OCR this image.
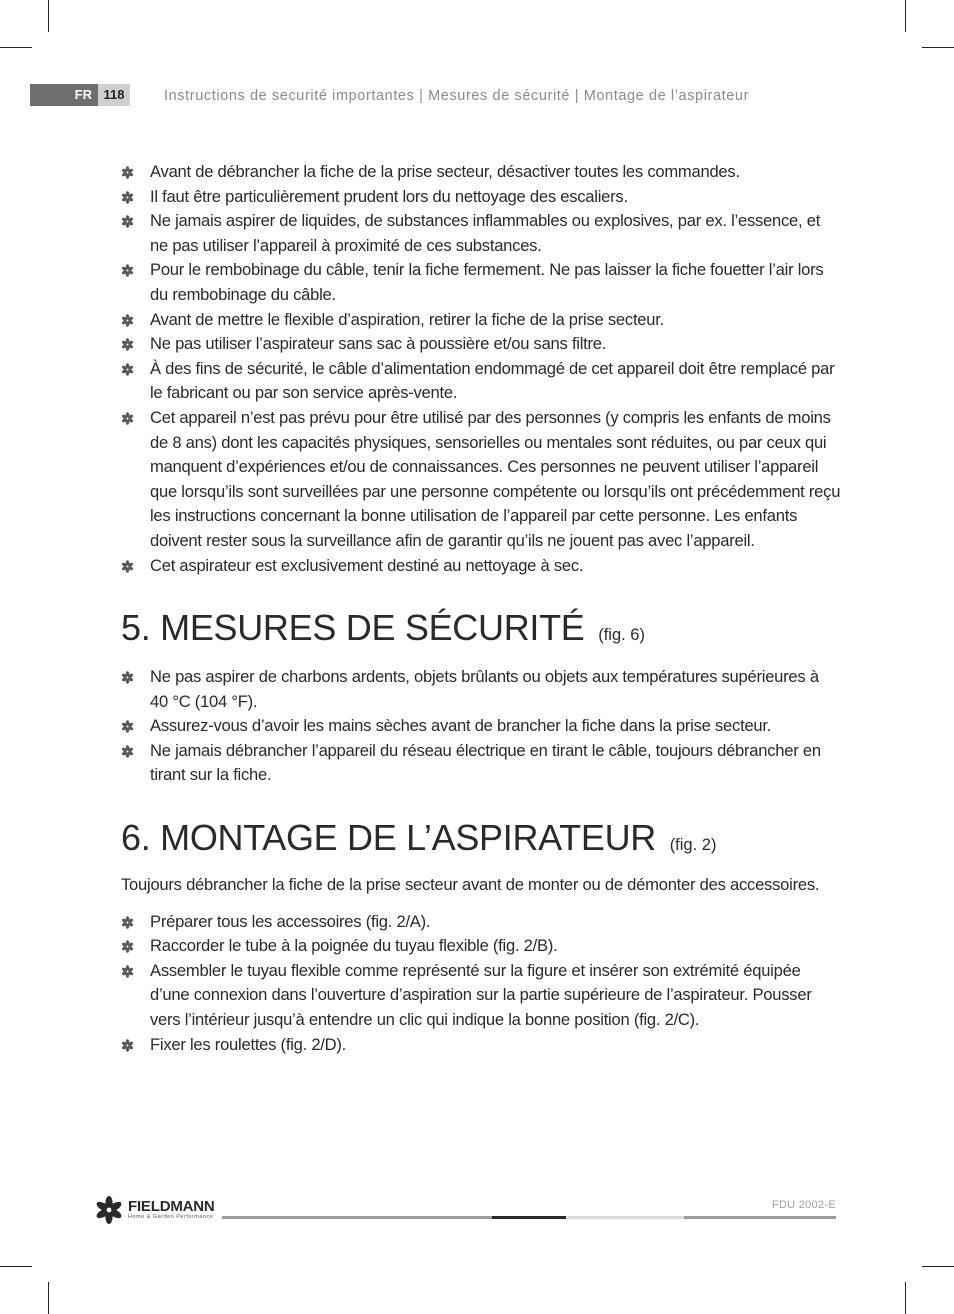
FR 118	Instructions de securité importantes | Mesures de sécurité | Montage de l’aspirateur
Avant de débrancher la fiche de la prise secteur, désactiver toutes les commandes.
Il faut être particulièrement prudent lors du nettoyage des escaliers.
Ne jamais aspirer de liquides, de substances inflammables ou explosives, par ex. l’essence, et ne pas utiliser l’appareil à proximité de ces substances.
Pour le rembobinage du câble, tenir la fiche fermement. Ne pas laisser la fiche fouetter l’air lors du rembobinage du câble.
Avant de mettre le flexible d’aspiration, retirer la fiche de la prise secteur.
Ne pas utiliser l’aspirateur sans sac à poussière et/ou sans filtre.
À des fins de sécurité, le câble d’alimentation endommagé de cet appareil doit être remplacé par le fabricant ou par son service après-vente.
Cet appareil n’est pas prévu pour être utilisé par des personnes (y compris les enfants de moins de 8 ans) dont les capacités physiques, sensorielles ou mentales sont réduites, ou par ceux qui manquent d’expériences et/ou de connaissances. Ces personnes ne peuvent utiliser l’appareil que lorsqu’ils sont surveillées par une personne compétente ou lorsqu’ils ont précédemment reçu les instructions concernant la bonne utilisation de l’appareil par cette personne. Les enfants doivent rester sous la surveillance afin de garantir qu’ils ne jouent pas avec l’appareil.
Cet aspirateur est exclusivement destiné au nettoyage à sec.
5. MESURES DE SÉCURITÉ (fig. 6)
Ne pas aspirer de charbons ardents, objets brûlants ou objets aux températures supérieures à 40 °C (104 °F).
Assurez-vous d’avoir les mains sèches avant de brancher la fiche dans la prise secteur.
Ne jamais débrancher l’appareil du réseau électrique en tirant le câble, toujours débrancher en tirant sur la fiche.
6. MONTAGE DE L’ASPIRATEUR (fig. 2)

Toujours débrancher la fiche de la prise secteur avant de monter ou de démonter des accessoires.

Préparer tous les accessoires (fig. 2/A).
Raccorder le tube à la poignée du tuyau flexible (fig. 2/B).
Assembler le tuyau flexible comme représenté sur la figure et insérer son extrémité équipée d’une connexion dans l’ouverture d’aspiration sur la partie supérieure de l’aspirateur. Pousser vers l’intérieur jusqu’à entendre un clic qui indique la bonne position (fig. 2/C).
Fixer les roulettes (fig. 2/D).
FIELDMANN
Home & Garden Performance
FDU 2002-E
